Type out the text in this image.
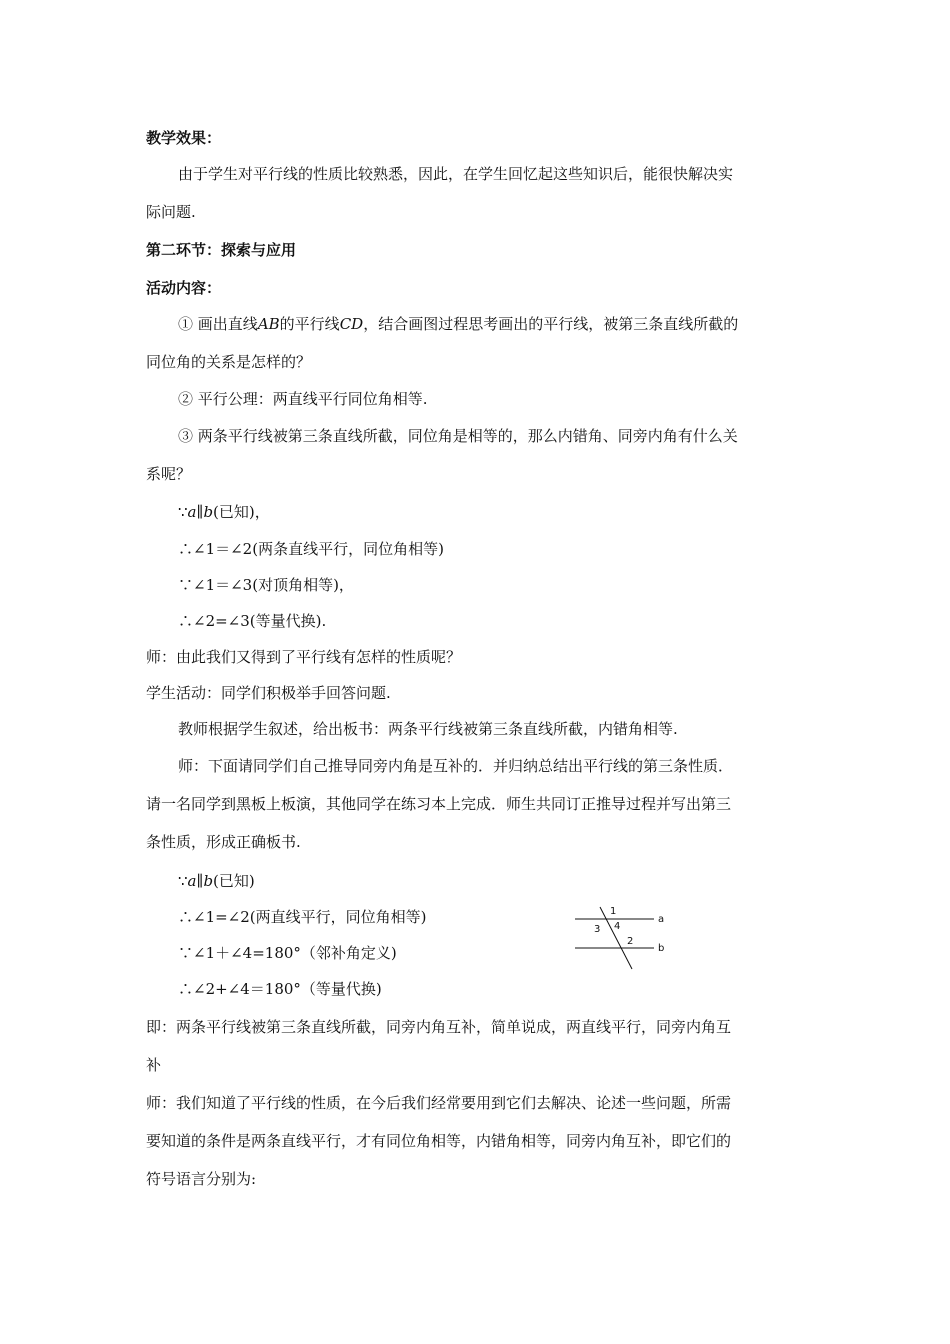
教学效果：
由于学生对平行线的性质比较熟悉，因此，在学生回忆起这些知识后，能很快解决实
际问题.
第二环节：探索与应用
活动内容：
① 画出直线AB的平行线CD，结合画图过程思考画出的平行线，被第三条直线所截的
同位角的关系是怎样的？
② 平行公理：两直线平行同位角相等.
③ 两条平行线被第三条直线所截，同位角是相等的，那么内错角、同旁内角有什么关
系呢？
∵a∥b(已知)，
∴∠1＝∠2(两条直线平行，同位角相等)
∵∠1＝∠3(对顶角相等)，
∴∠2=∠3(等量代换).
师：由此我们又得到了平行线有怎样的性质呢？
学生活动：同学们积极举手回答问题.
教师根据学生叙述，给出板书：两条平行线被第三条直线所截，内错角相等.
师：下面请同学们自己推导同旁内角是互补的．并归纳总结出平行线的第三条性质．
请一名同学到黑板上板演，其他同学在练习本上完成．师生共同订正推导过程并写出第三
条性质，形成正确板书.
∵a∥b(已知)
∴∠1=∠2(两直线平行，同位角相等)
∵∠1＋∠4=180°（邻补角定义)
∴∠2+∠4＝180°（等量代换)
1
3 4
2
a
b
即：两条平行线被第三条直线所截，同旁内角互补，简单说成，两直线平行，同旁内角互
补
师：我们知道了平行线的性质，在今后我们经常要用到它们去解决、论述一些问题，所需
要知道的条件是两条直线平行，才有同位角相等，内错角相等，同旁内角互补，即它们的
符号语言分别为:
